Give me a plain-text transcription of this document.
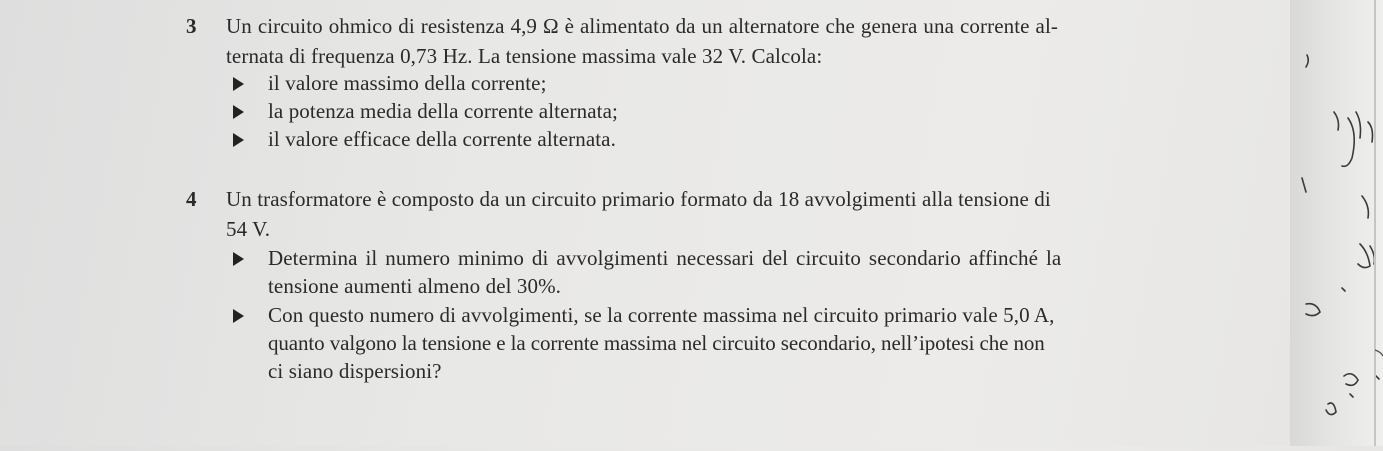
3 Un circuito ohmico di resistenza 4,9 Ω è alimentato da un alternatore che genera una corrente al-
ternata di frequenza 0,73 Hz. La tensione massima vale 32 V. Calcola:
il valore massimo della corrente;
la potenza media della corrente alternata;
il valore efficace della corrente alternata.
4 Un trasformatore è composto da un circuito primario formato da 18 avvolgimenti alla tensione di
54 V.
Determina il numero minimo di avvolgimenti necessari del circuito secondario affinché la
tensione aumenti almeno del 30%.
Con questo numero di avvolgimenti, se la corrente massima nel circuito primario vale 5,0 A,
quanto valgono la tensione e la corrente massima nel circuito secondario, nell’ipotesi che non
ci siano dispersioni?
